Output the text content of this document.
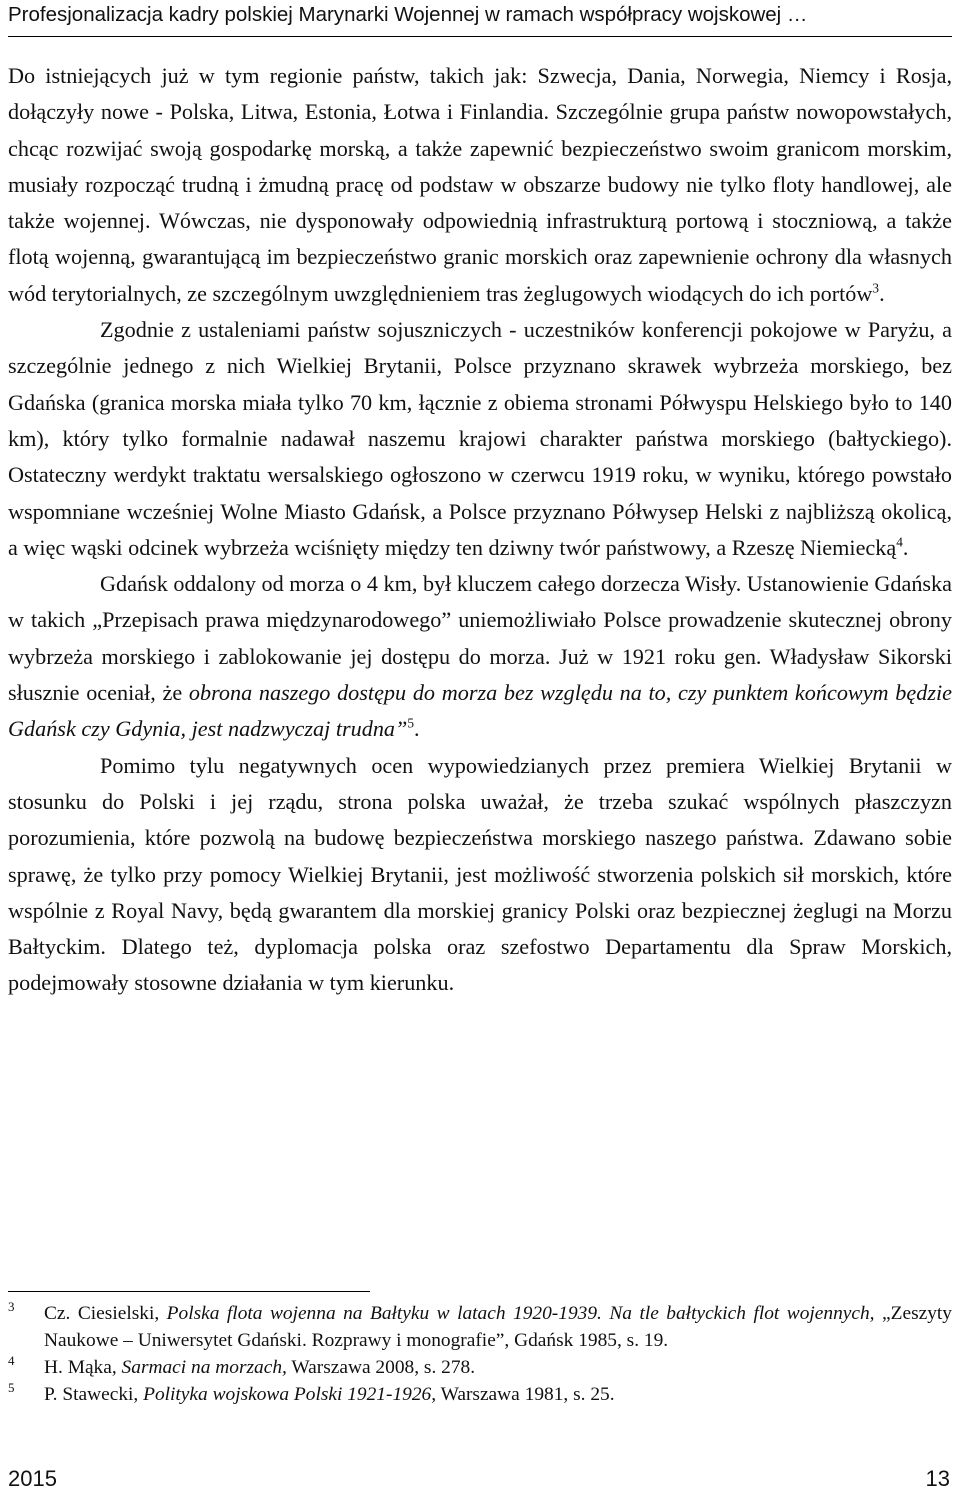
Profesjonalizacja kadry polskiej Marynarki Wojennej w ramach współpracy wojskowej …

Do istniejących już w tym regionie państw, takich jak: Szwecja, Dania, Norwegia, Niemcy i Rosja, dołączyły nowe - Polska, Litwa, Estonia, Łotwa i Finlandia. Szczególnie grupa państw nowopowstałych, chcąc rozwijać swoją gospodarkę morską, a także zapewnić bezpieczeństwo swoim granicom morskim, musiały rozpocząć trudną i żmudną pracę od podstaw w obszarze budowy nie tylko floty handlowej, ale także wojennej. Wówczas, nie dysponowały odpowiednią infrastrukturą portową i stoczniową, a także flotą wojenną, gwarantującą im bezpieczeństwo granic morskich oraz zapewnienie ochrony dla własnych wód terytorialnych, ze szczególnym uwzględnieniem tras żeglugowych wiodących do ich portów$^3$.

Zgodnie z ustaleniami państw sojuszniczych - uczestników konferencji pokojowe w Paryżu, a szczególnie jednego z nich Wielkiej Brytanii, Polsce przyznano skrawek wybrzeża morskiego, bez Gdańska (granica morska miała tylko 70 km, łącznie z obiema stronami Półwyspu Helskiego było to 140 km), który tylko formalnie nadawał naszemu krajowi charakter państwa morskiego (bałtyckiego). Ostateczny werdykt traktatu wersalskiego ogłoszono w czerwcu 1919 roku, w wyniku, którego powstało wspomniane wcześniej Wolne Miasto Gdańsk, a Polsce przyznano Półwysep Helski z najbliższą okolicą, a więc wąski odcinek wybrzeża wciśnięty między ten dziwny twór państwowy, a Rzeszę Niemiecką$^4$.

Gdańsk oddalony od morza o 4 km, był kluczem całego dorzecza Wisły. Ustanowienie Gdańska w takich „Przepisach prawa międzynarodowego” uniemożliwiało Polsce prowadzenie skutecznej obrony wybrzeża morskiego i zablokowanie jej dostępu do morza. Już w 1921 roku gen. Władysław Sikorski słusznie oceniał, że obrona naszego dostępu do morza bez względu na to, czy punktem końcowym będzie Gdańsk czy Gdynia, jest nadzwyczaj trudna”$^5$.

Pomimo tylu negatywnych ocen wypowiedzianych przez premiera Wielkiej Brytanii w stosunku do Polski i jej rządu, strona polska uważał, że trzeba szukać wspólnych płaszczyzn porozumienia, które pozwolą na budowę bezpieczeństwa morskiego naszego państwa. Zdawano sobie sprawę, że tylko przy pomocy Wielkiej Brytanii, jest możliwość stworzenia polskich sił morskich, które wspólnie z Royal Navy, będą gwarantem dla morskiej granicy Polski oraz bezpiecznej żeglugi na Morzu Bałtyckim. Dlatego też, dyplomacja polska oraz szefostwo Departamentu dla Spraw Morskich, podejmowały stosowne działania w tym kierunku.

3 Cz. Ciesielski, Polska flota wojenna na Bałtyku w latach 1920-1939. Na tle bałtyckich flot wojennych, „Zeszyty Naukowe – Uniwersytet Gdański. Rozprawy i monografie”, Gdańsk 1985, s. 19.
4 H. Mąka, Sarmaci na morzach, Warszawa 2008, s. 278.
5 P. Stawecki, Polityka wojskowa Polski 1921-1926, Warszawa 1981, s. 25.
2015	13
